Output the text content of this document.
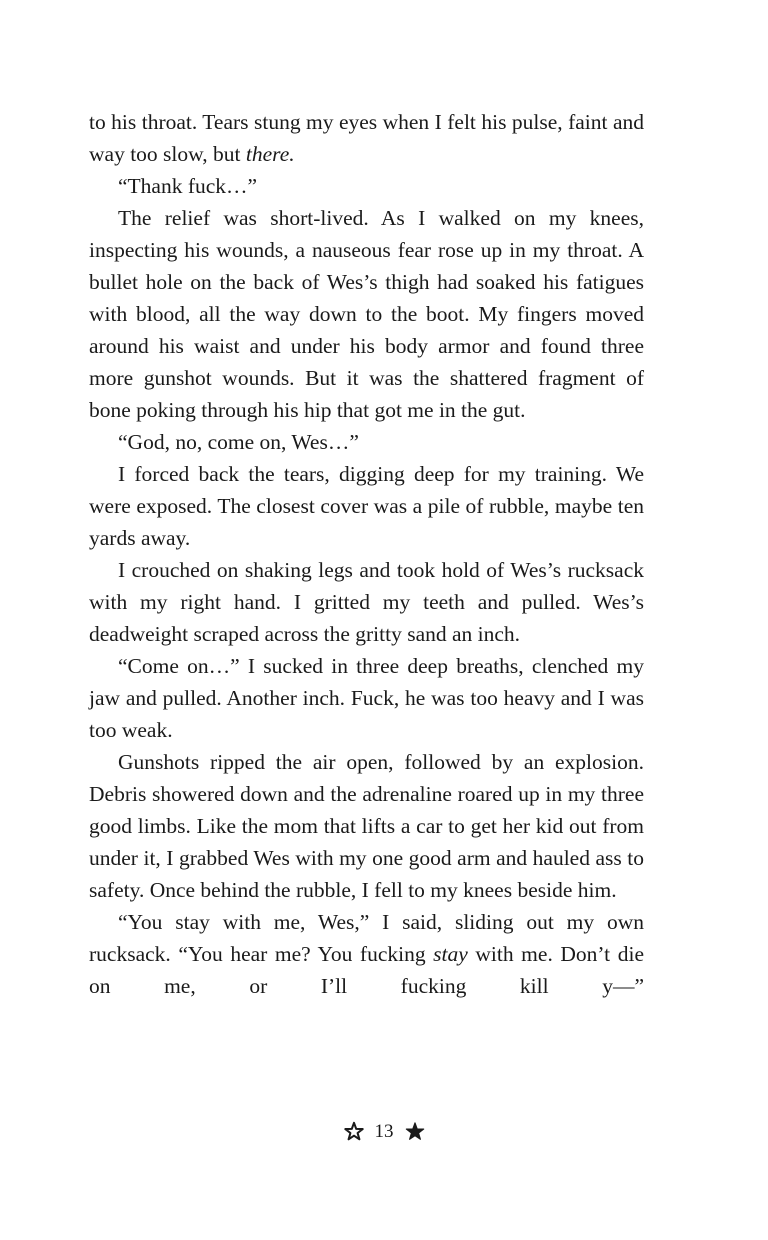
to his throat. Tears stung my eyes when I felt his pulse, faint and way too slow, but there.

“Thank fuck…”

The relief was short-lived. As I walked on my knees, inspecting his wounds, a nauseous fear rose up in my throat. A bullet hole on the back of Wes’s thigh had soaked his fatigues with blood, all the way down to the boot. My fingers moved around his waist and under his body armor and found three more gunshot wounds. But it was the shattered fragment of bone poking through his hip that got me in the gut.

“God, no, come on, Wes…”

I forced back the tears, digging deep for my training. We were exposed. The closest cover was a pile of rubble, maybe ten yards away.

I crouched on shaking legs and took hold of Wes’s rucksack with my right hand. I gritted my teeth and pulled. Wes’s deadweight scraped across the gritty sand an inch.

“Come on…” I sucked in three deep breaths, clenched my jaw and pulled. Another inch. Fuck, he was too heavy and I was too weak.

Gunshots ripped the air open, followed by an explosion. Debris showered down and the adrenaline roared up in my three good limbs. Like the mom that lifts a car to get her kid out from under it, I grabbed Wes with my one good arm and hauled ass to safety. Once behind the rubble, I fell to my knees beside him.

“You stay with me, Wes,” I said, sliding out my own rucksack. “You hear me? You fucking stay with me. Don’t die on me, or I’ll fucking kill y—”

13
